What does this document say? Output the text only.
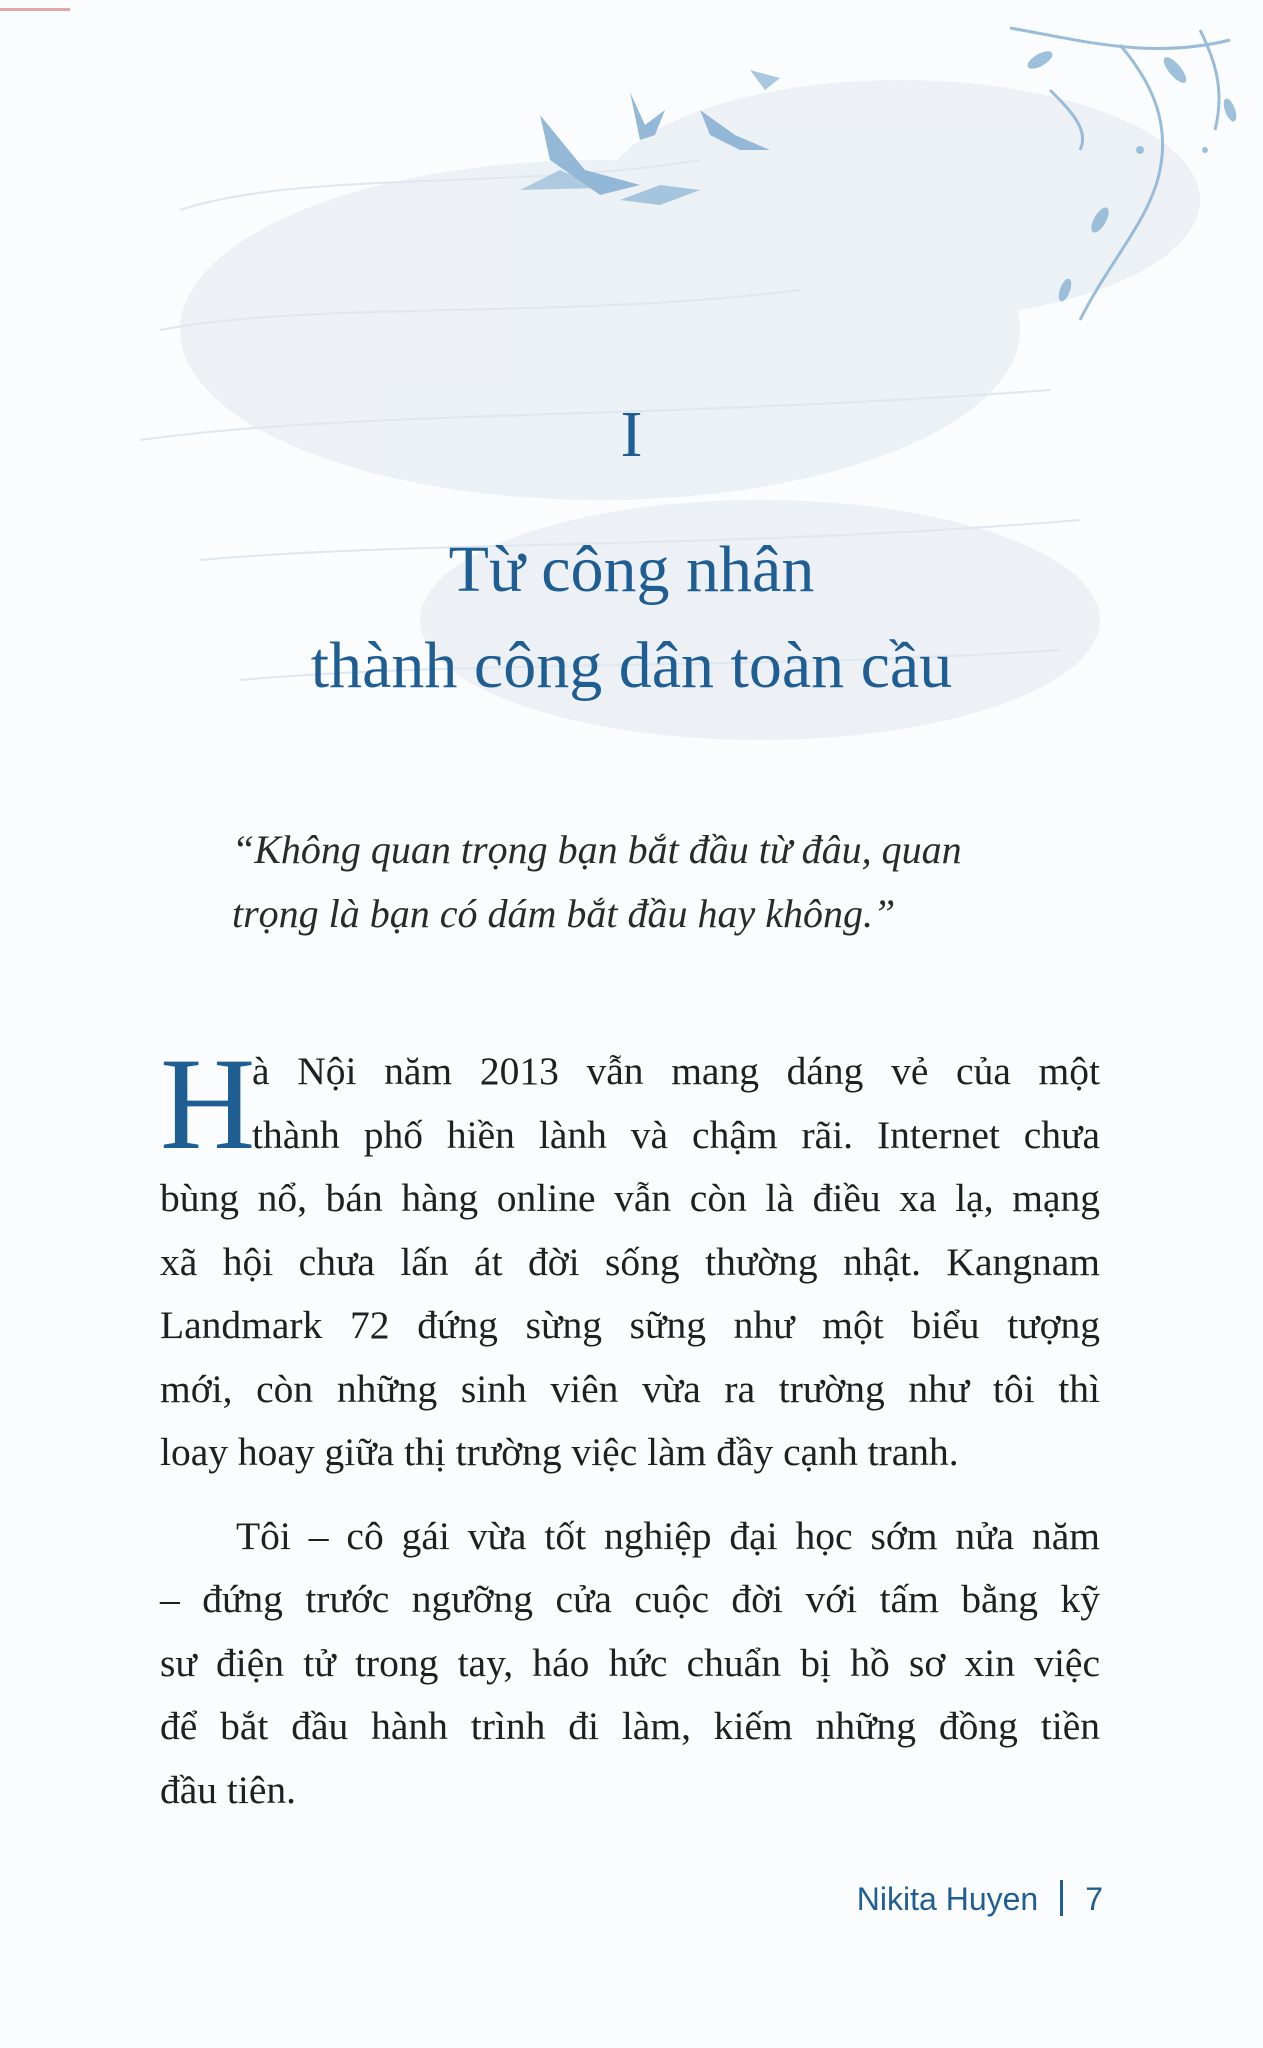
I
Từ công nhân
thành công dân toàn cầu
“Không quan trọng bạn bắt đầu từ đâu, quan
trọng là bạn có dám bắt đầu hay không.”

H
à Nội năm 2013 vẫn mang dáng vẻ của một
thành phố hiền lành và chậm rãi. Internet chưa
bùng nổ, bán hàng online vẫn còn là điều xa lạ, mạng
xã hội chưa lấn át đời sống thường nhật. Kangnam
Landmark 72 đứng sừng sững như một biểu tượng
mới, còn những sinh viên vừa ra trường như tôi thì
loay hoay giữa thị trường việc làm đầy cạnh tranh.

Tôi – cô gái vừa tốt nghiệp đại học sớm nửa năm
– đứng trước ngưỡng cửa cuộc đời với tấm bằng kỹ
sư điện tử trong tay, háo hức chuẩn bị hồ sơ xin việc
để bắt đầu hành trình đi làm, kiếm những đồng tiền
đầu tiên.

Nikita Huyen 7
